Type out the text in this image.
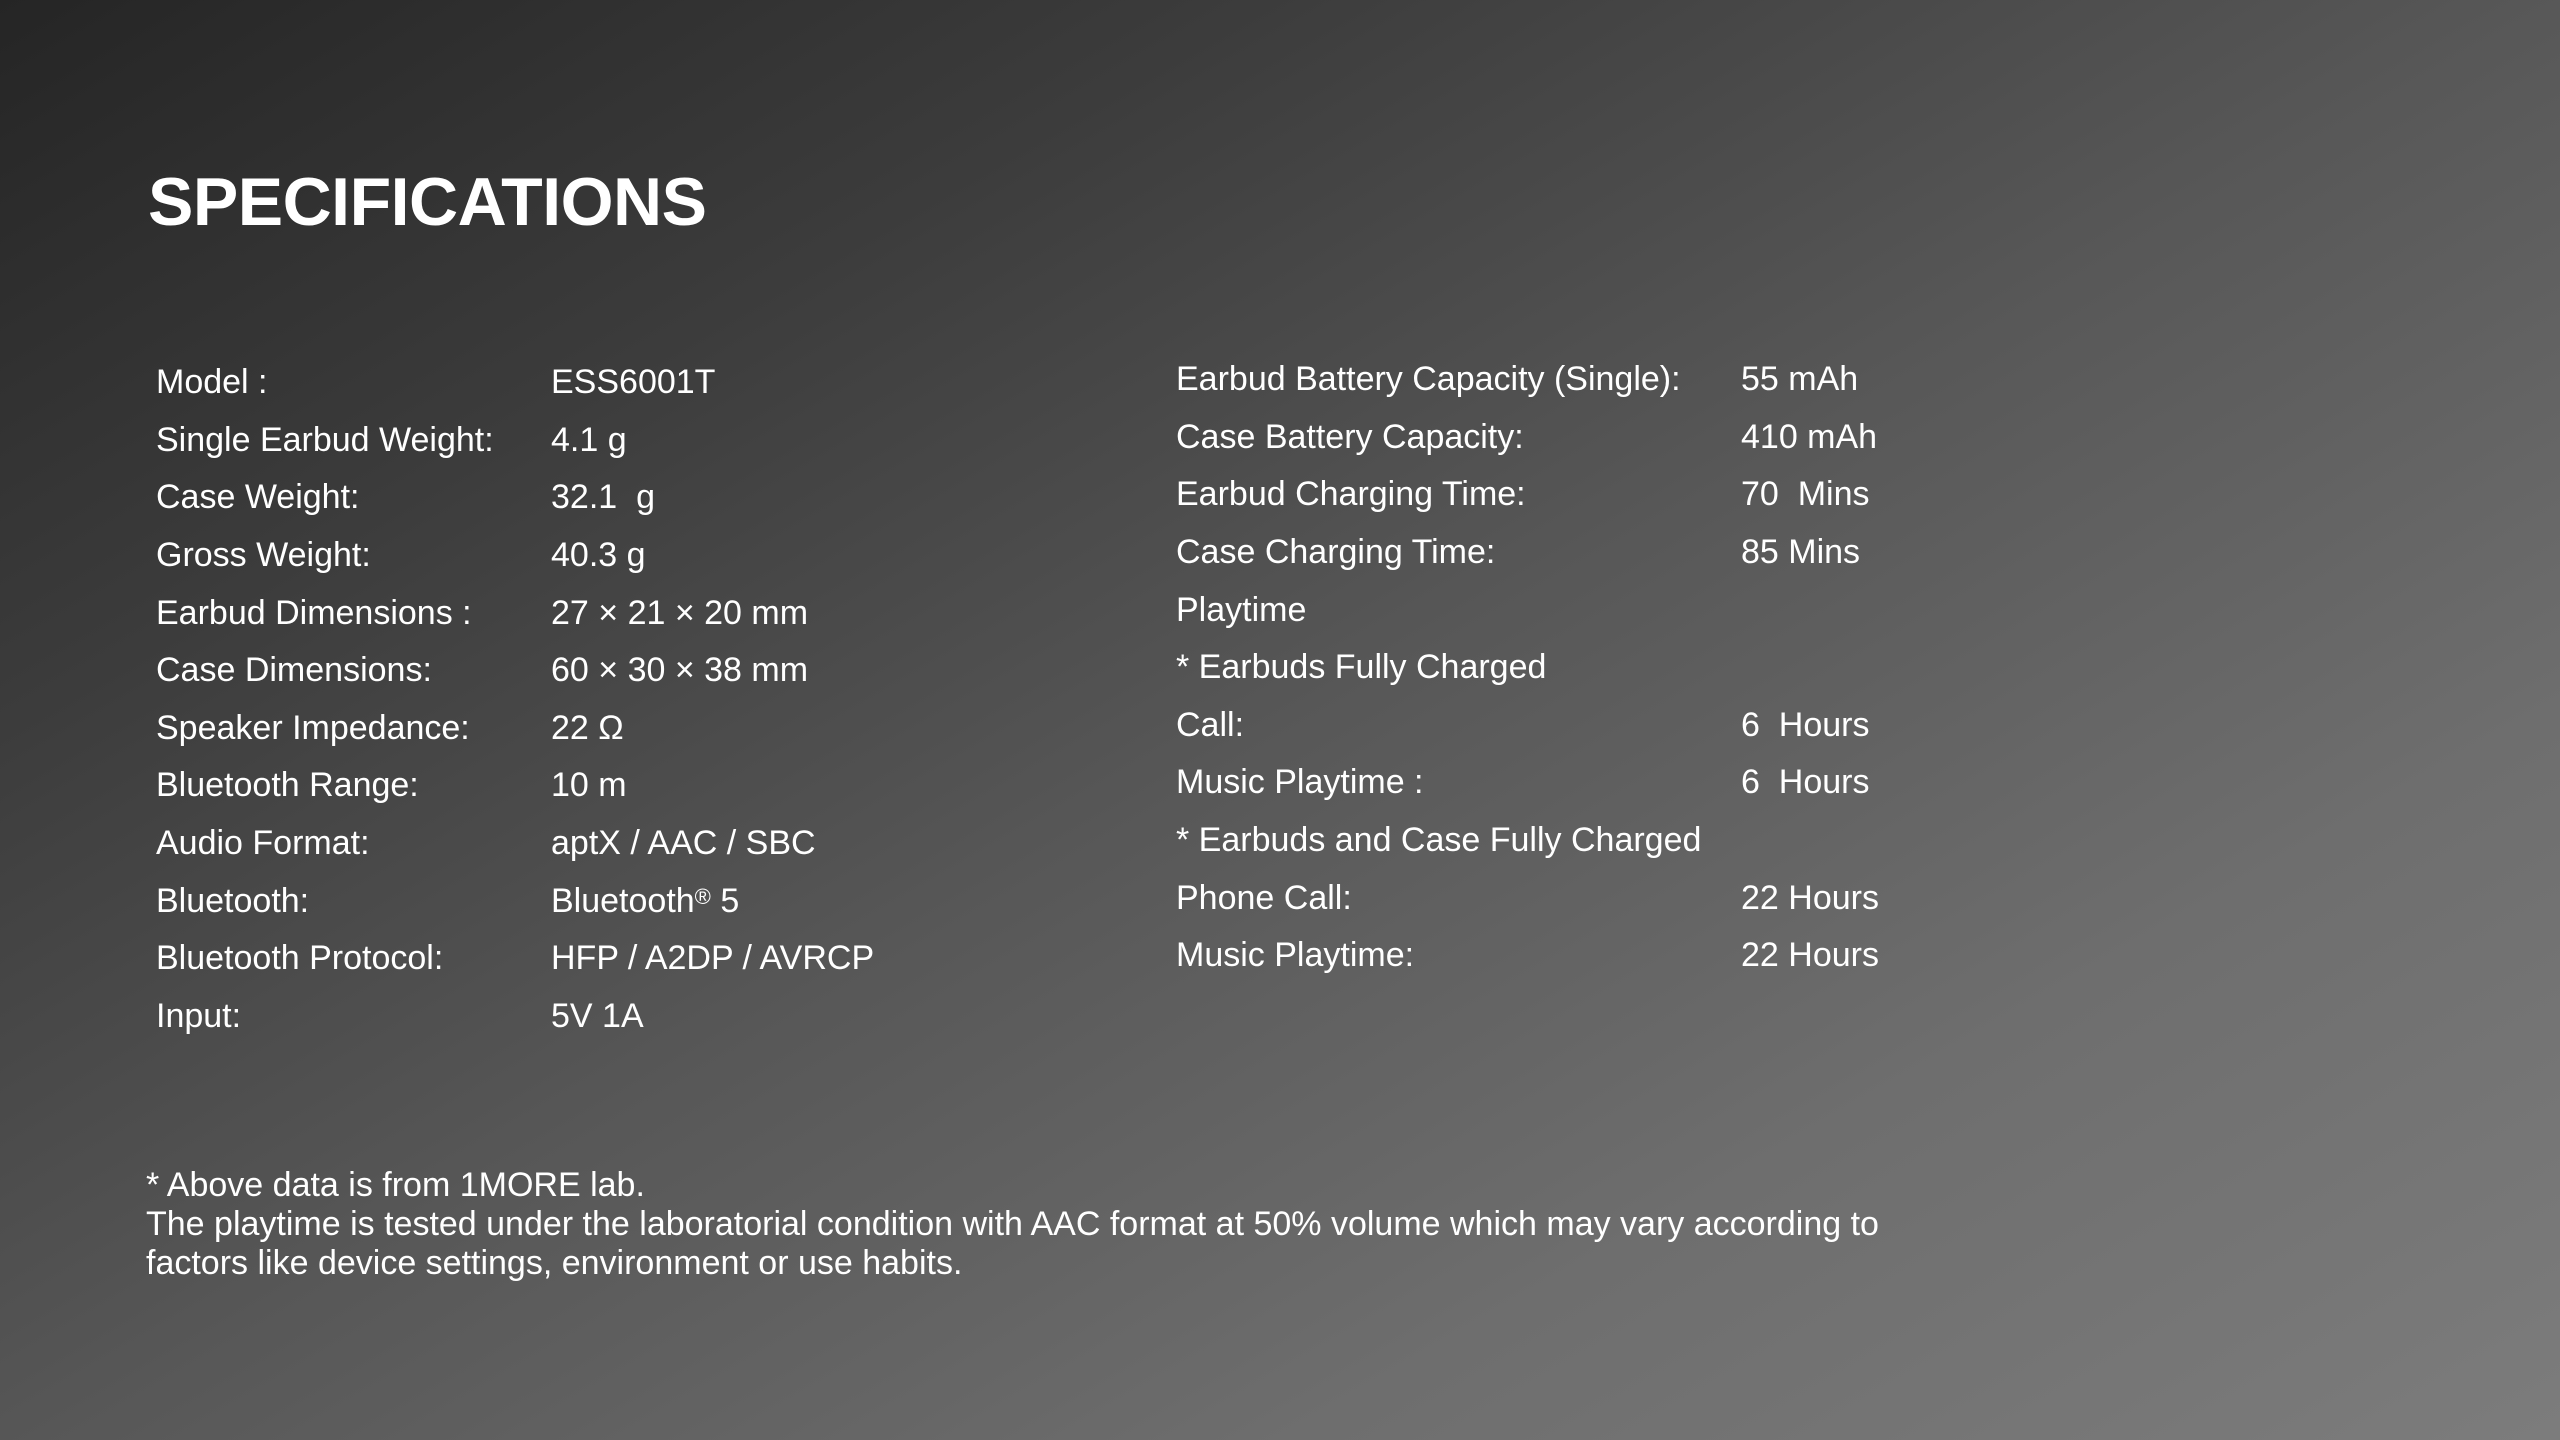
SPECIFICATIONS
Model :	ESS6001T
Single Earbud Weight:	4.1 g
Case Weight:	32.1  g
Gross Weight:	40.3 g
Earbud Dimensions :	27 × 21 × 20 mm
Case Dimensions:	60 × 30 × 38 mm
Speaker Impedance:	22 Ω
Bluetooth Range:	10 m
Audio Format:	aptX / AAC / SBC
Bluetooth:	Bluetooth® 5
Bluetooth Protocol:	HFP / A2DP / AVRCP
Input:	5V 1A
Earbud Battery Capacity (Single):	55 mAh
Case Battery Capacity:	410 mAh
Earbud Charging Time:	70  Mins
Case Charging Time:	85 Mins
Playtime
* Earbuds Fully Charged
Call:	6  Hours
Music Playtime :	6  Hours
* Earbuds and Case Fully Charged
Phone Call:	22 Hours
Music Playtime:	22 Hours

* Above data is from 1MORE lab.

The playtime is tested under the laboratorial condition with AAC format at 50% volume which may vary according to

factors like device settings, environment or use habits.
